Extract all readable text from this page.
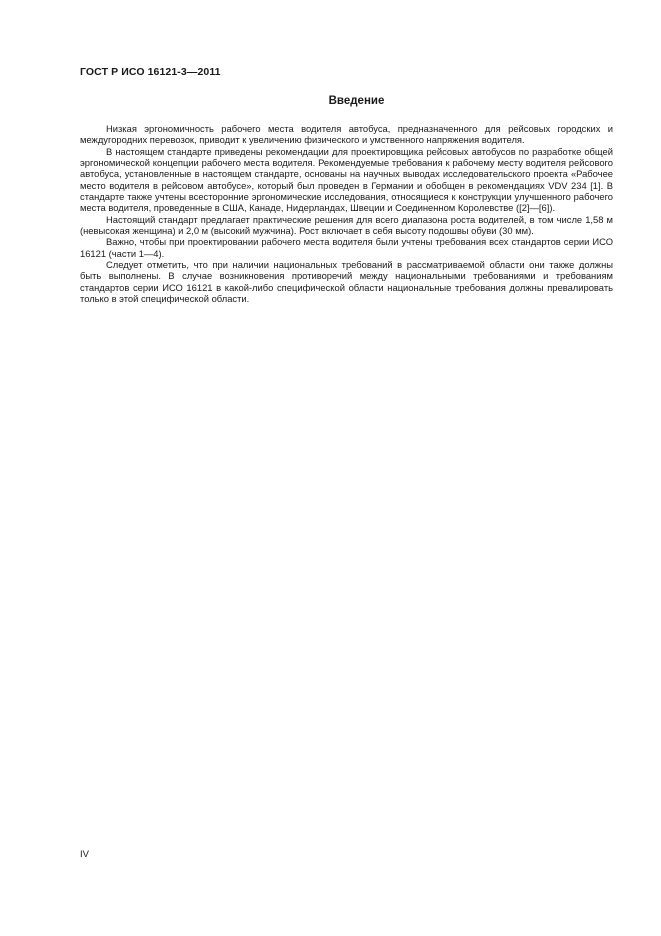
ГОСТ Р ИСО 16121-3—2011
Введение

Низкая эргономичность рабочего места водителя автобуса, предназначенного для рейсовых городских и междугородних перевозок, приводит к увеличению физического и умственного напряжения водителя.

В настоящем стандарте приведены рекомендации для проектировщика рейсовых автобусов по разработке общей эргономической концепции рабочего места водителя. Рекомендуемые требования к рабочему месту водителя рейсового автобуса, установленные в настоящем стандарте, основаны на научных выводах исследовательского проекта «Рабочее место водителя в рейсовом автобусе», который был проведен в Германии и обобщен в рекомендациях VDV 234 [1]. В стандарте также учтены всесторонние эргономические исследования, относящиеся к конструкции улучшенного рабочего места водителя, проведенные в США, Канаде, Нидерландах, Швеции и Соединенном Королевстве ([2]—[6]).

Настоящий стандарт предлагает практические решения для всего диапазона роста водителей, в том числе 1,58 м (невысокая женщина) и 2,0 м (высокий мужчина). Рост включает в себя высоту подошвы обуви (30 мм).

Важно, чтобы при проектировании рабочего места водителя были учтены требования всех стандартов серии ИСО 16121 (части 1—4).

Следует отметить, что при наличии национальных требований в рассматриваемой области они также должны быть выполнены. В случае возникновения противоречий между национальными требованиями и требованиям стандартов серии ИСО 16121 в какой-либо специфической области национальные требования должны превалировать только в этой специфической области.

IV
